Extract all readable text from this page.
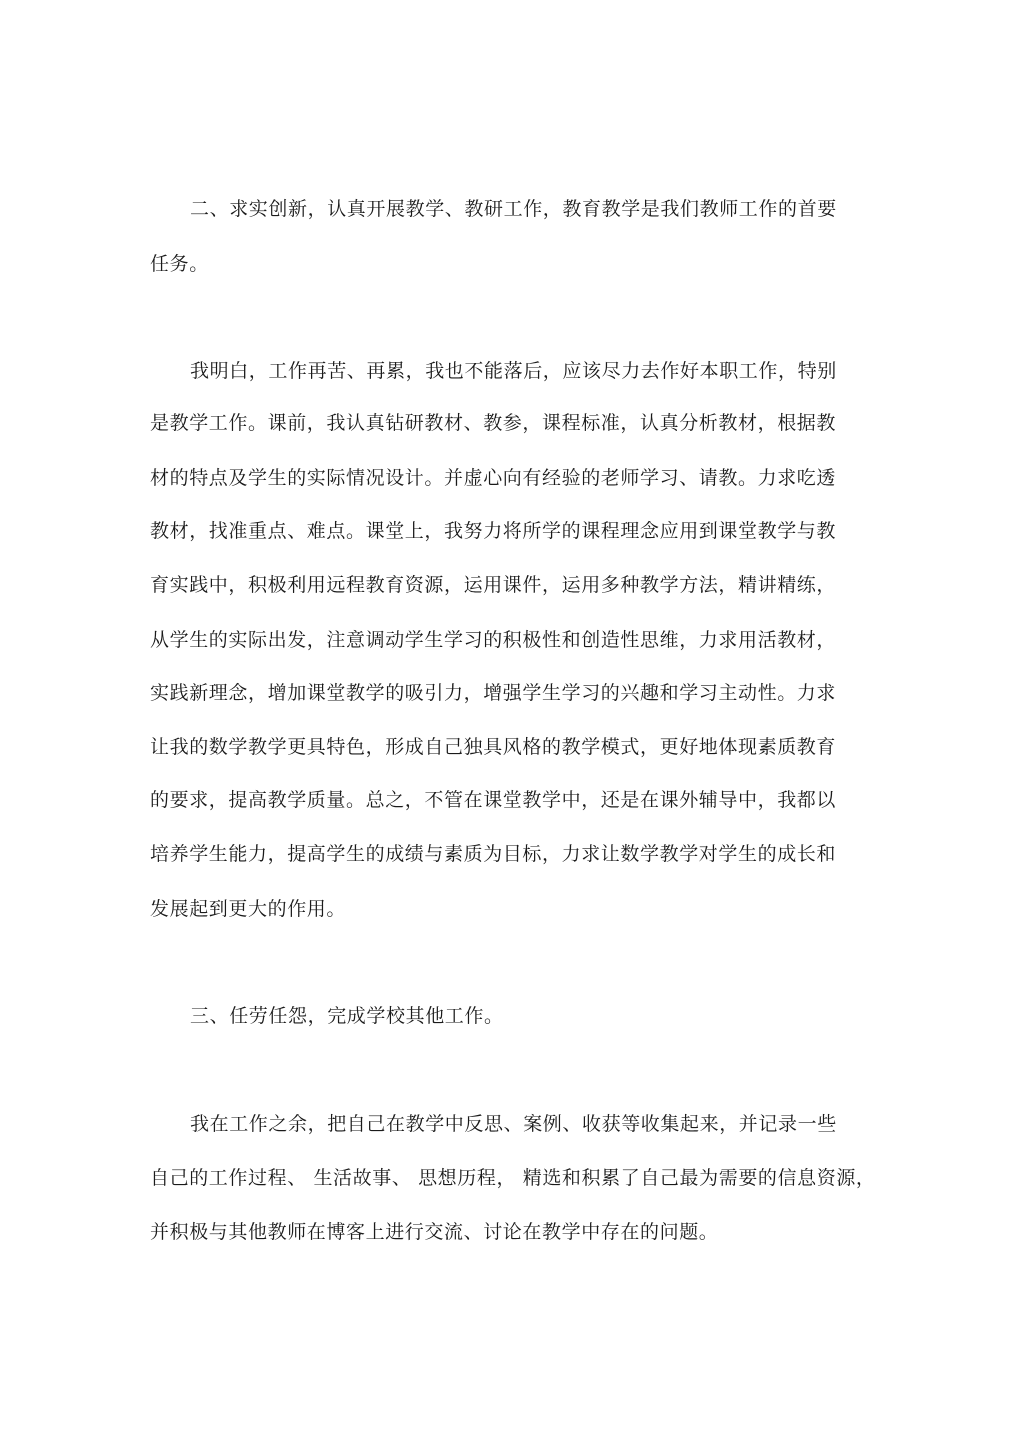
二、求实创新，认真开展教学、教研工作，教育教学是我们教师工作的首要
任务。
我明白，工作再苦、再累，我也不能落后，应该尽力去作好本职工作，特别
是教学工作。课前，我认真钻研教材、教参，课程标准，认真分析教材，根据教
材的特点及学生的实际情况设计。并虚心向有经验的老师学习、请教。力求吃透
教材，找准重点、难点。课堂上，我努力将所学的课程理念应用到课堂教学与教
育实践中，积极利用远程教育资源，运用课件，运用多种教学方法，精讲精练，
从学生的实际出发，注意调动学生学习的积极性和创造性思维，力求用活教材，
实践新理念，增加课堂教学的吸引力，增强学生学习的兴趣和学习主动性。力求
让我的数学教学更具特色，形成自己独具风格的教学模式，更好地体现素质教育
的要求，提高教学质量。总之，不管在课堂教学中，还是在课外辅导中，我都以
培养学生能力，提高学生的成绩与素质为目标，力求让数学教学对学生的成长和
发展起到更大的作用。
三、任劳任怨，完成学校其他工作。
我在工作之余，把自己在教学中反思、案例、收获等收集起来，并记录一些
自己的工作过程、 生活故事、 思想历程， 精选和积累了自己最为需要的信息资源，
并积极与其他教师在博客上进行交流、讨论在教学中存在的问题。
